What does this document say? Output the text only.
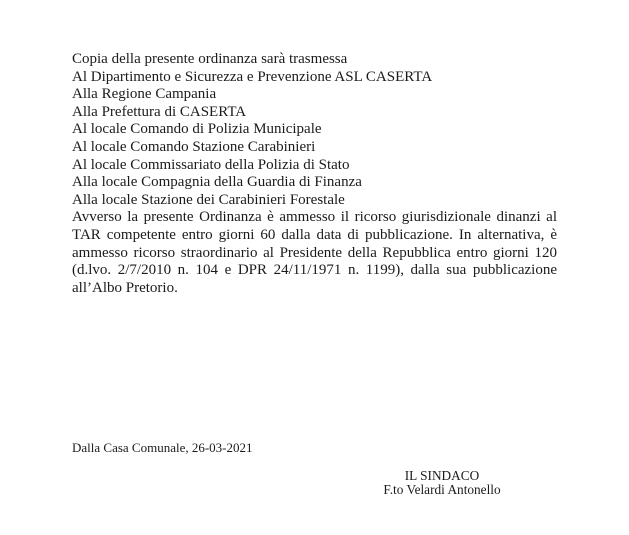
Copia della presente ordinanza sarà trasmessa
Al Dipartimento e Sicurezza e Prevenzione ASL CASERTA
Alla Regione Campania
Alla Prefettura di CASERTA
Al locale Comando di Polizia Municipale
Al locale Comando Stazione Carabinieri
Al locale Commissariato della Polizia di Stato
Alla locale Compagnia della Guardia di Finanza
Alla locale Stazione dei Carabinieri Forestale
Avverso la presente Ordinanza è ammesso il ricorso giurisdizionale dinanzi al
TAR competente entro giorni 60 dalla data di pubblicazione. In alternativa, è
ammesso ricorso straordinario al Presidente della Repubblica entro giorni 120
(d.lvo. 2/7/2010 n. 104 e DPR 24/11/1971 n. 1199), dalla sua pubblicazione
all’Albo Pretorio.
Dalla Casa Comunale, 26-03-2021
IL SINDACO
F.to Velardi Antonello
